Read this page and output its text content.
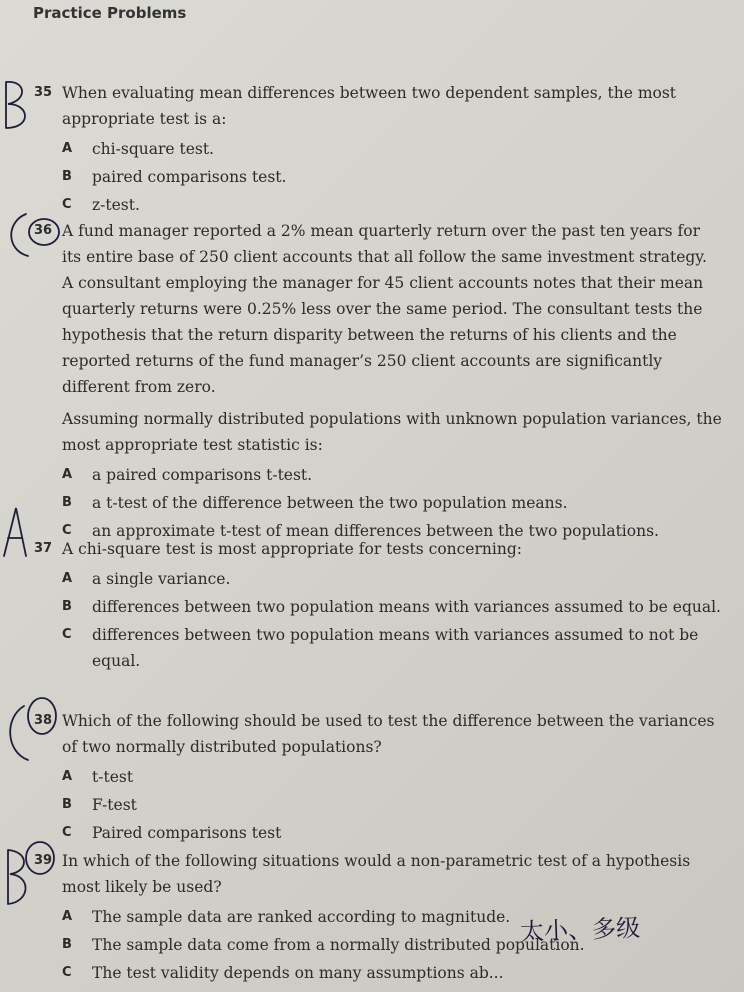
Practice Problems
35 When evaluating mean differences between two dependent samples, the most appropriate test is a:

A chi-square test.
B paired comparisons test.
C z-test.
36 A fund manager reported a 2% mean quarterly return over the past ten years for its entire base of 250 client accounts that all follow the same investment strategy. A consultant employing the manager for 45 client accounts notes that their mean quarterly returns were 0.25% less over the same period. The consultant tests the hypothesis that the return disparity between the returns of his clients and the reported returns of the fund manager’s 250 client accounts are significantly different from zero.

Assuming normally distributed populations with unknown population variances, the most appropriate test statistic is:

A a paired comparisons t-test.
B a t-test of the difference between the two population means.
C an approximate t-test of mean differences between the two populations.
37 A chi-square test is most appropriate for tests concerning:

A a single variance.
B differences between two population means with variances assumed to be equal.
C differences between two population means with variances assumed to not be equal.
38 Which of the following should be used to test the difference between the variances of two normally distributed populations?

A t-test
B F-test
C Paired comparisons test
39 In which of the following situations would a non-parametric test of a hypothesis most likely be used?

A The sample data are ranked according to magnitude.
B The sample data come from a normally distributed population.
C The test validity depends on many assumptions ab...
太小、多级
